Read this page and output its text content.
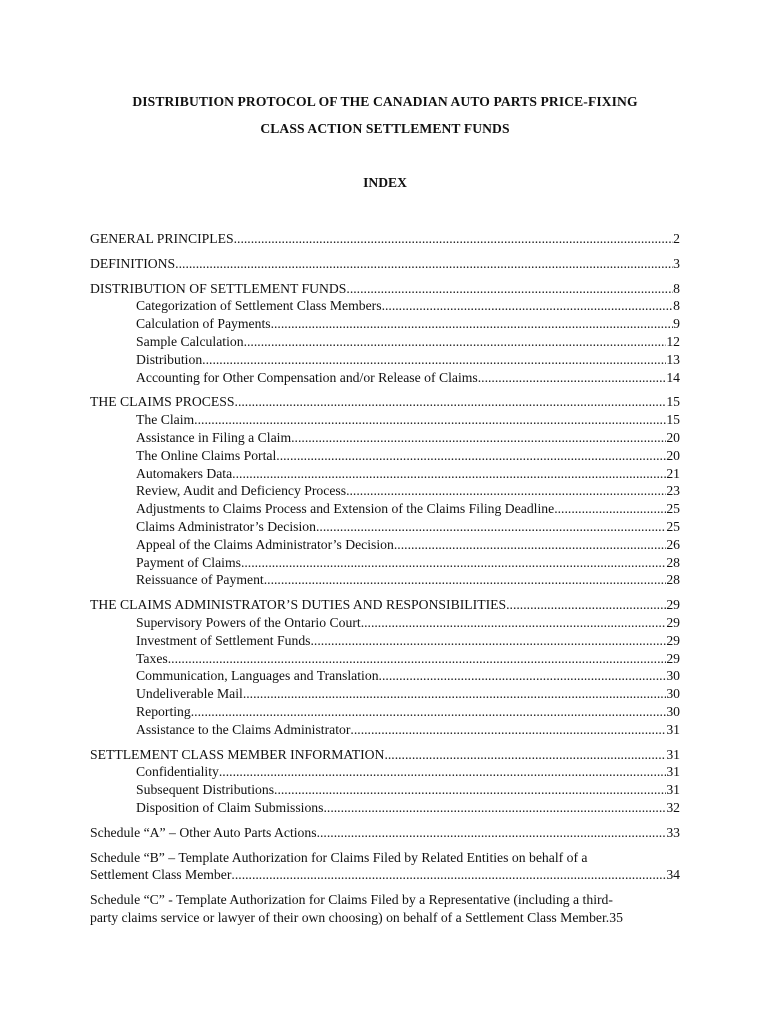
DISTRIBUTION PROTOCOL OF THE CANADIAN AUTO PARTS PRICE-FIXING
CLASS ACTION SETTLEMENT FUNDS
INDEX
GENERAL PRINCIPLES .....	2
DEFINITIONS .....	3
DISTRIBUTION OF SETTLEMENT FUNDS .....	8
Categorization of Settlement Class Members .....	8
Calculation of Payments .....	9
Sample Calculation .....	12
Distribution .....	13
Accounting for Other Compensation and/or Release of Claims .....	14
THE CLAIMS PROCESS .....	15
The Claim .....	15
Assistance in Filing a Claim .....	20
The Online Claims Portal .....	20
Automakers Data .....	21
Review, Audit and Deficiency Process .....	23
Adjustments to Claims Process and Extension of the Claims Filing Deadline .....	25
Claims Administrator’s Decision .....	25
Appeal of the Claims Administrator’s Decision .....	26
Payment of Claims .....	28
Reissuance of Payment .....	28
THE CLAIMS ADMINISTRATOR’S DUTIES AND RESPONSIBILITIES .....	29
Supervisory Powers of the Ontario Court .....	29
Investment of Settlement Funds .....	29
Taxes .....	29
Communication, Languages and Translation .....	30
Undeliverable Mail .....	30
Reporting .....	30
Assistance to the Claims Administrator .....	31
SETTLEMENT CLASS MEMBER INFORMATION .....	31
Confidentiality .....	31
Subsequent Distributions .....	31
Disposition of Claim Submissions .....	32
Schedule “A” – Other Auto Parts Actions .....	33
Schedule “B” – Template Authorization for Claims Filed by Related Entities on behalf of a
Settlement Class Member .....	34
Schedule “C” - Template Authorization for Claims Filed by a Representative (including a third-
party claims service or lawyer of their own choosing) on behalf of a Settlement Class Member. 35
